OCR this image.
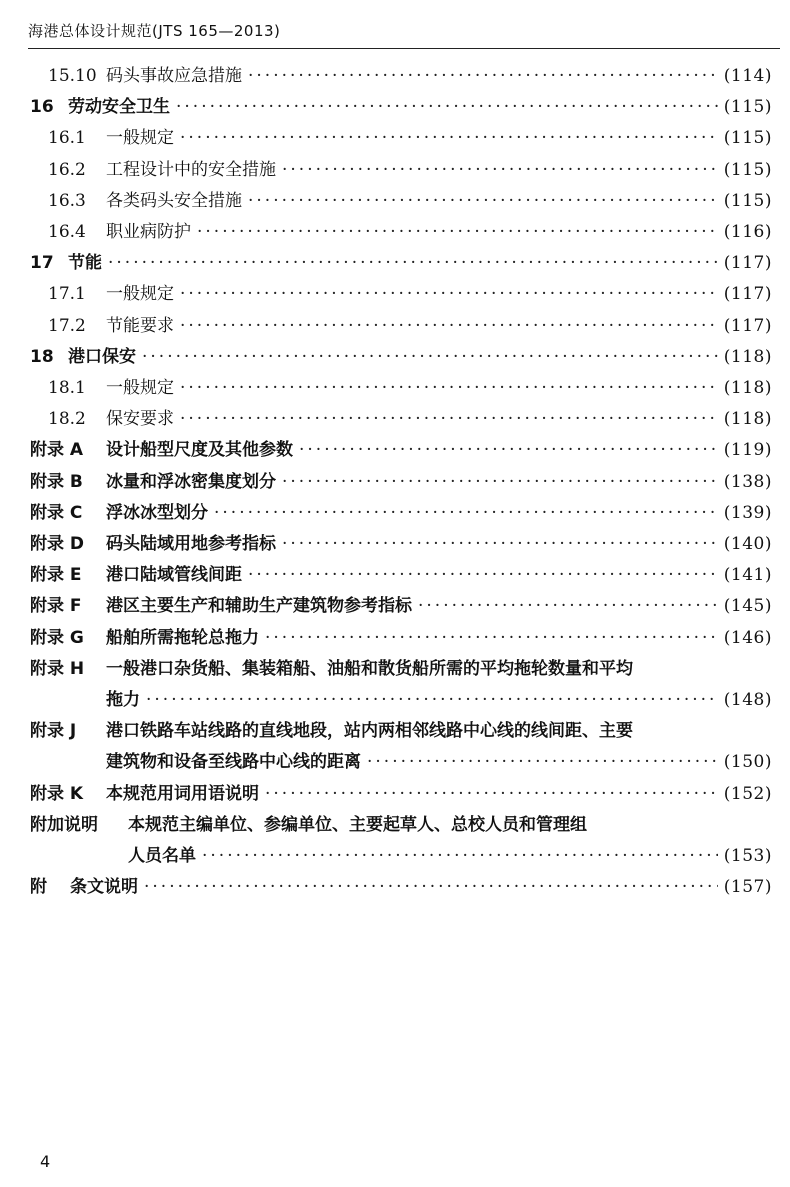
海港总体设计规范(JTS 165—2013)
15.10 码头事故应急措施 ·····	(114)
16 劳动安全卫生 ·····	(115)
16.1 一般规定 ·····	(115)
16.2 工程设计中的安全措施 ·····	(115)
16.3 各类码头安全措施 ·····	(115)
16.4 职业病防护 ·····	(116)
17 节能 ·····	(117)
17.1 一般规定 ·····	(117)
17.2 节能要求 ·····	(117)
18 港口保安 ·····	(118)
18.1 一般规定 ·····	(118)
18.2 保安要求 ·····	(118)
附录 A 设计船型尺度及其他参数 ·····	(119)
附录 B 冰量和浮冰密集度划分 ·····	(138)
附录 C 浮冰冰型划分 ·····	(139)
附录 D 码头陆域用地参考指标 ·····	(140)
附录 E 港口陆域管线间距 ·····	(141)
附录 F 港区主要生产和辅助生产建筑物参考指标 ·····	(145)
附录 G 船舶所需拖轮总拖力 ·····	(146)
附录 H 一般港口杂货船、集装箱船、油船和散货船所需的平均拖轮数量和平均
拖力 ·····	(148)
附录 J 港口铁路车站线路的直线地段，站内两相邻线路中心线的线间距、主要
建筑物和设备至线路中心线的距离 ·····	(150)
附录 K 本规范用词用语说明 ·····	(152)
附加说明 本规范主编单位、参编单位、主要起草人、总校人员和管理组
人员名单 ·····	(153)
附 条文说明 ·····	(157)
4
